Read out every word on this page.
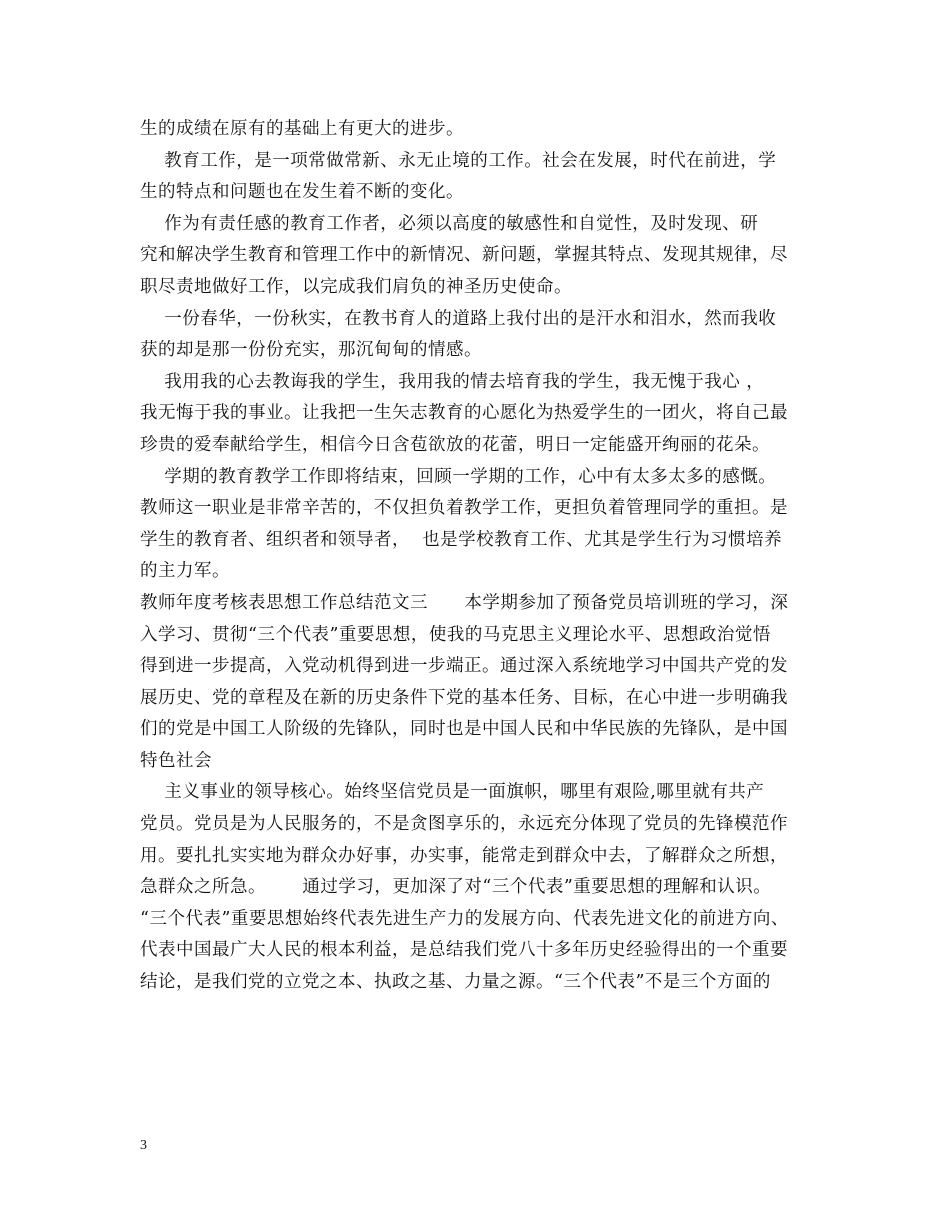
生的成绩在原有的基础上有更大的进步。
教育工作，是一项常做常新、永无止境的工作。社会在发展，时代在前进，学
生的特点和问题也在发生着不断的变化。
作为有责任感的教育工作者，必须以高度的敏感性和自觉性，及时发现、研
究和解决学生教育和管理工作中的新情况、新问题，掌握其特点、发现其规律，尽
职尽责地做好工作，以完成我们肩负的神圣历史使命。
一份春华，一份秋实，在教书育人的道路上我付出的是汗水和泪水，然而我收
获的却是那一份份充实，那沉甸甸的情感。
我用我的心去教诲我的学生，我用我的情去培育我的学生，我无愧于我心 ，
我无悔于我的事业。让我把一生矢志教育的心愿化为热爱学生的一团火，将自己最
珍贵的爱奉献给学生，相信今日含苞欲放的花蕾，明日一定能盛开绚丽的花朵。
学期的教育教学工作即将结束，回顾一学期的工作，心中有太多太多的感慨。
教师这一职业是非常辛苦的，不仅担负着教学工作，更担负着管理同学的重担。是
学生的教育者、组织者和领导者，  也是学校教育工作、尤其是学生行为习惯培养
的主力军。
教师年度考核表思想工作总结范文三      本学期参加了预备党员培训班的学习，深
入学习、贯彻“三个代表”重要思想，使我的马克思主义理论水平、思想政治觉悟
得到进一步提高，入党动机得到进一步端正。通过深入系统地学习中国共产党的发
展历史、党的章程及在新的历史条件下党的基本任务、目标，在心中进一步明确我
们的党是中国工人阶级的先锋队，同时也是中国人民和中华民族的先锋队，是中国
特色社会
主义事业的领导核心。始终坚信党员是一面旗帜，哪里有艰险,哪里就有共产
党员。党员是为人民服务的，不是贪图享乐的，永远充分体现了党员的先锋模范作
用。要扎扎实实地为群众办好事，办实事，能常走到群众中去，了解群众之所想，
急群众之所急。      通过学习，更加深了对“三个代表”重要思想的理解和认识。
“三个代表”重要思想始终代表先进生产力的发展方向、代表先进文化的前进方向、
代表中国最广大人民的根本利益，是总结我们党八十多年历史经验得出的一个重要
结论，是我们党的立党之本、执政之基、力量之源。“三个代表”不是三个方面的
3
